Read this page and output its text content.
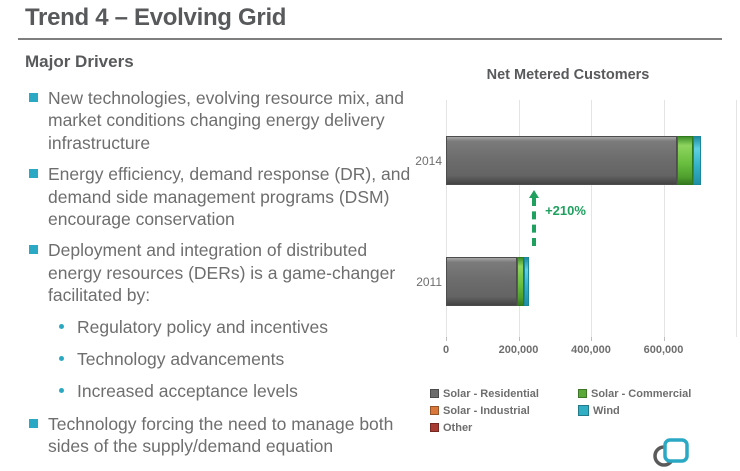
Trend 4 – Evolving Grid
Major Drivers
New technologies, evolving resource mix, and market conditions changing energy delivery infrastructure
Energy efficiency, demand response (DR), and demand side management programs (DSM) encourage conservation
Deployment and integration of distributed energy resources (DERs) is a game-changer facilitated by:
Regulatory policy and incentives
Technology advancements
Increased acceptance levels
Technology forcing the need to manage both sides of the supply/demand equation
Net Metered Customers
2014
2011
+210%
0	200,000	400,000	600,000
Solar - Residential	Solar - Commercial
Solar - Industrial	Wind
Other
